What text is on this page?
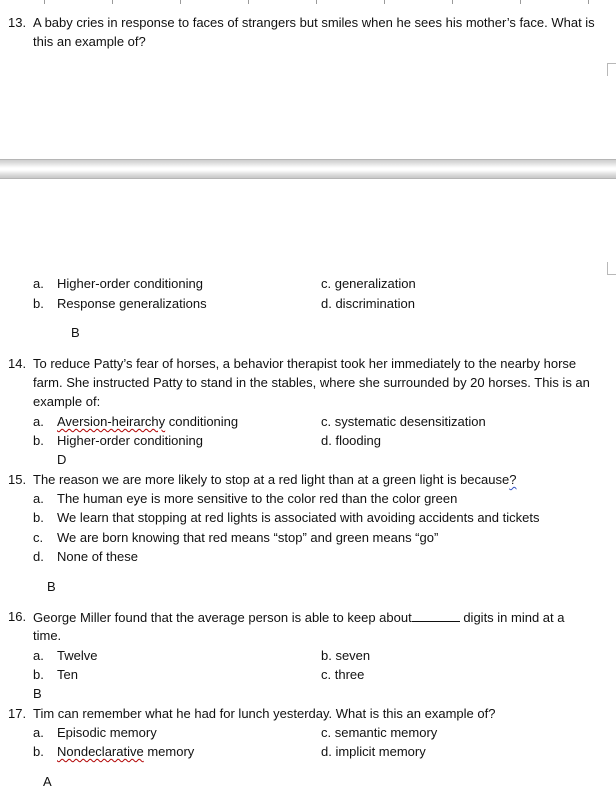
13. A baby cries in response to faces of strangers but smiles when he sees his mother’s face. What is
this an example of?
a. Higher-order conditioning	c. generalization
b. Response generalizations	d. discrimination
B
14. To reduce Patty’s fear of horses, a behavior therapist took her immediately to the nearby horse
farm. She instructed Patty to stand in the stables, where she surrounded by 20 horses. This is an
example of:
a. Aversion-heirarchy conditioning	c. systematic desensitization
b. Higher-order conditioning	d. flooding
D
15. The reason we are more likely to stop at a red light than at a green light is because?
a. The human eye is more sensitive to the color red than the color green
b. We learn that stopping at red lights is associated with avoiding accidents and tickets
c. We are born knowing that red means “stop” and green means “go”
d. None of these
B
16. George Miller found that the average person is able to keep about	digits in mind at a
time.
a. Twelve	b. seven
b. Ten	c. three
B
17. Tim can remember what he had for lunch yesterday. What is this an example of?
a. Episodic memory	c. semantic memory
b. Nondeclarative memory	d. implicit memory
A
